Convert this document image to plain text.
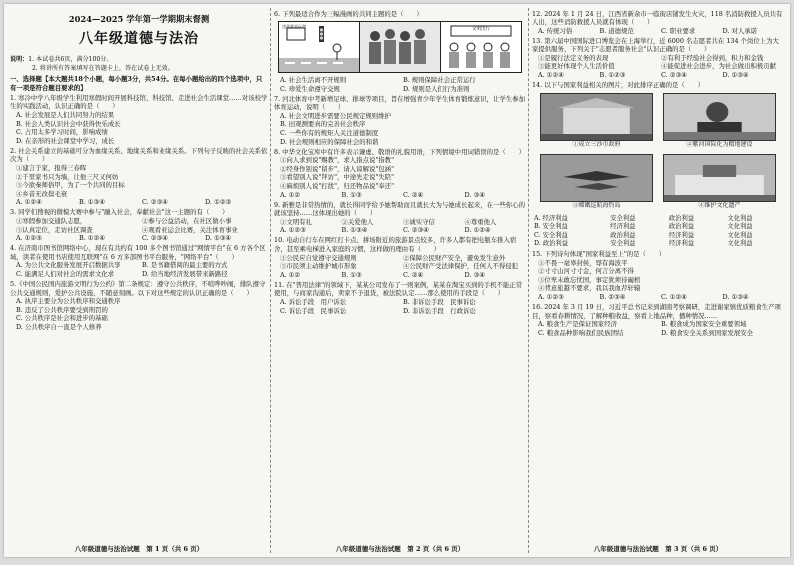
2024—2025 学年第一学期期末督测

八年级道德与法治

说明：1. 本试卷共6页，满分100分。

2. 将讲所有答案填写在答题卡上，答在试卷上无效。

一、选择题【本大题共18个小题，每小题3分，共54分。在每小题给出的四个选项中，只有一项是符合题目要求的】

1. 寒冷中学八年级学生利用寒假时间开展科技馆、科技馆、走进社会生活课堂……对该校学生的实践活动，认识正确的是（　　）

A. 社会发展是人们共同努力的结果

B. 社会人类认识社会中获得快乐成长

C. 占用太多学习时间，影响成绩

D. 在亲形的社会课堂中学习，成长

2. 社会关系建立的基础可分为血缘关系、地缘关系和业缘关系。下列句子反映的社会关系依次为（　　）

①建言于家，报得三春晖

②千里家书只为墙，让他三尺又何妨

③今欲秦师俗甲，为了一个共同的目标

④乡音无改鬓毛衰

A. ①②④	B. ①③④	C. ②③④	D. ①②③

3. 同学们搜视的微模大赛中参与"融入社会，奉献社会"这一主题的有（　　）

①寒假参加交通队志愿，	②参与公益活动，在社区做小事
③认真定位，走访社区调查	④观看亚运会比赛，关注体育事业
A. ①②③	B. ①②④	C. ②③④	D. ①③④

4. 在济南市图书馆网络中心，现在有共约有 100 多个图书馆通过"网情平台"在 6 方各个区域，读者在使用书店使用互联网"在 6 方多部图书平台服务，"网络平台"（　　）

A. 为公共文化服务发展开启数据共享	B. 是书籍借阅的最主要的方式
C. 能满足人们对社会的需求文化求	D. 给当地经济发展带来新路径

5.《中国公民国内旅游文明行为公约》第二条规定：遵守公共秩序，不喧哗吵闹，排队遵守公共交通规则，爱护公共设施，不随意刻画。以下对这些规定的认识正确的是（　　）

A. 执序主要分为公共秩序和交通秩序

B. 违反了公共秩序要受到刑罚的

C. 公共秩序是社会和进步的基础

D. 公共秩序自一直是个人修养

6. 下列最适合作为三幅漫画的共同主题的是（　　）

违章就是玩命
文明出行
A. 社会生活离不开规则	B. 规则保障社会正常运行
C. 珍爱生命遵守交规	D. 规则是人们行为准则

7. 河北体育中考新增足球、排球等项目，旨在增强青少年学生体育锻炼意识，让学生参加体育运动，说明（　　）

A. 社会文明进步需要公民规定规则维护

B. 田观测要真的完善社会秩序

C. 一些你有的规矩人关注道德制度

D. 社会规则相应的保障社会的和谐

8. 中华文化宝库中有许多表示谦虚、敬语的礼貌用语，下列情境中用词错误的是（　　）

①向人求到说"赐教"，求人指点说"指教"

②经身作别说"留步"，请人谅解说"包涵"

③看望别人说"拜访"，中途先走说"失陪"

④麻烦别人说"打扰"，归还物品说"奉还"

A. ①②	B. ①③	C. ②④	D. ③④

9. 新雅是非常热情的，就长得同学给予她帮助而且就长大为与她成长起来，在一些你心的就该坚持……这体现出她的（　　）

①文明有礼	②关爱他人	③诚实守信	④尊重他人
A. ①②③	B. ①③④	C. ②③④	D. ①②④

10. 电动自行车在网红打卡点、拼场附近的旅游景点较多，许多人都有把电瓶车推入宿舍，甚至乘电梯进入家庭的习惯，这样做的理由有（　　）

①公民应自觉遵守交通规则	②保障公民财产安全，避免发生意外
③市民须主动维护城市形象	④公民财产受法律保护，任何人不得侵犯
A. ①②	B. ①③	C. ②④	D. ③④

11. 在"普用法律"的领域下，某某公司发布了一则案例，某某在淘宝买到的手机不能正常使用，与商家沟通后，卖家不予退货，被法院认定……那么使用的手段是（　　）

A. 诉讼手段　用户诉讼	B. 非诉讼手段　民事诉讼
C. 诉讼手段　民事诉讼	D. 非诉讼手段　行政诉讼

12. 2024 年 1 月 24 日，江西省新余市一临街店铺发生火灾，118 名消防救援人员共有人出，这些消防救援人员就有体现（　　）

A. 传统习俗	B. 道德规范	C. 职业要求	D. 对人承诺

13. 第六届中国国际进口博览会在上海举行，近 6000 名志愿者共在 134 个岗位上为大家提供服务，下列关于"志愿者服务社会"认识正确的是（　　）

①是履行法定义务的表现	②有利于经验社会得到，积力和金钱
③能更好体现个人生活价值	④能促进社会进步，为社会做出积极贡献
A. ①②④	B. ①②③	C. ②③④	D. ①③④

14. 以下与国家利益相关的图片，对此排序正确的是（　　）

①成立三沙市政府	②紫河国际化为精地建设

③嫦娥巡航海钓岛	④维护文化遗产

A. 经济利益	安全利益	政治利益	文化利益
B. 安全利益	经济利益	政治利益	文化利益
C. 安全利益	政治利益	经济利益	文化利益
D. 政治利益	安全利益	经济利益	文化利益

15. 下列诗句体现"国家利益至上"的是（　　）

①不畏一毫辜封侯，辱有海波平

②寸寸山河寸寸金，何言分离不得

③位卑未敢忘忧国，事定犹须待阖棺

④背意旅越不要求，我以我血荐轩辕

A. ①②③	B. ②③④	C. ①②④	D. ①③④

16. 2024 年 3 月 19 日，习近平总书记来到湖南考察调研，走进谢家镇优质粮食生产项目，察看春耕情况，了解种粮收益，察看上地品种，播种情况……

A. 粮食生产是保证国家经济	B. 粮食成为国家安全重要领域
C. 粮食品种影响我们民族团结	D. 粮食安全关系到国家发展安全

八年级道德与法治试题　第 1 页（共 6 页）	八年级道德与法治试题　第 2 页（共 6 页）	八年级道德与法治试题　第 3 页（共 6 页）
